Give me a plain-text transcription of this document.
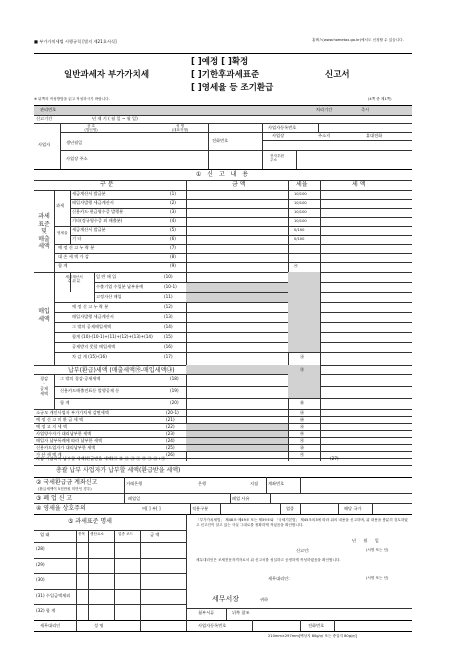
■ 부가가치세법 시행규칙 [별지 제21호서식]	홈택스(www.hometax.go.kr)에서도 신청할 수 있습니다.
일반과세자 부가가치세
[ ]예정 [ ]확정
[ ]기한후과세표준
[ ]영세율 등 조기환급
신고서
※ 뒤쪽의 작성방법을 읽고 작성하시기 바랍니다.	(4쪽 중 제1쪽)
관리번호	처리기간	즉시
신고기간	년 제 기 ( 월 일 ~ 월 일)
사업자
상 호
(법인명)
성 명
(대표자명)
사업자등록번호
전화번호
사업장	주소지	휴대전화
생년월일
사업장 주소	전자우편
주소
① 신 고 내 용
구 분	금 액	세율	세 액
과세
표준
및
매출
세액
과세
영세율
세금계산서 발급분	(1)	10/100
매입자발행 세금계산서	(2)	10/100
신용카드·현금영수증 발행분	(3)	10/100
기타(정규영수증 외 매출분)	(4)	10/100
세금계산서 발급분	(5)	0/100
기 타	(6)	0/100
예 정 신 고 누 락 분	(7)
대 손 세 액 가 감	(8)
합 계	(9)	㉮
매입
세액
세금계산서
수 취 분
일 반 매 입	(10)
수출기업 수입분 납부유예	(10-1)
고정자산 매입	(11)
예 정 신 고 누 락 분	(12)
매입자발행 세금계산서	(13)
그 밖의 공제매입세액	(14)
합계 (10)-(10-1)+(11)+(12)+(13)+(14)	(15)
공제받지 못할 매입세액	(16)
차 감 계 (15)-(16)	(17)	㉯
납부(환급)세액 (매출세액㉮-매입세액㉯)	㉰
경감
·
공제
세액
그 밖의 경감·공제세액	(18)
신용카드매출전표등 발행공제 등	(19)
합 계	(20)	㉱
소규모 개인사업자 부가가치세 감면세액	(20-1)	㉲
예 정 신 고 미 환 급 세 액	(21)	㉳
예 정 고 지 세 액	(22)	㉴
사업양수자가 대리납부한 세액	(23)	㉵
매입자 납부특례에 따라 납부한 세액	(24)	㉶
신용카드업자가 대리납부한 세액	(25)	㉷
가 산 세 액 계	(26)	㉸
차감·가감하여 납부할 세액(환급받을 세액)㉰-㉱-㉲-㉳-㉴-㉵-㉶-㉷+㉸	(27)
총괄 납부 사업자가 납부할 세액(환급받을 세액)
② 국세환급금 계좌신고
(환급세액이 5천만원 미만인 경우)
거래은행	은행	지점 계좌번호
③ 폐 업 신 고	폐업일	폐업 사유
④ 영세율 상호주의	여[ ] 부[ ]	적용구분	업종	해당 국가
⑤ 과세표준 명세
업 태	종목 생산요소	업종 코드	금 액
(28)
(29)
(30)
(31) 수입금액제외
(32) 합 계
「부가가치세법」 제48조·제49조 또는 제59조와 「국세기본법」 제45조의3에 따라 위의 내용을 신고하며, 위 내용을 충분히 검토하였고 신고인이 알고 있는 사실 그대로를 정확하게 적었음을 확인합니다.
년 월 일
신고인:	(서명 또는 인)
세무대리인은 조세전문자격자로서 위 신고서를 성실하고 공정하게 작성하였음을 확인합니다.
세무대리인:	(서명 또는 인)
세무서장	귀하
첨부서류	뒤쪽 참조
세무대리인	성 명	사업자등록번호	전화번호
210mm×297mm[백상지 80g/㎡ 또는 중질지 80g/㎡]
